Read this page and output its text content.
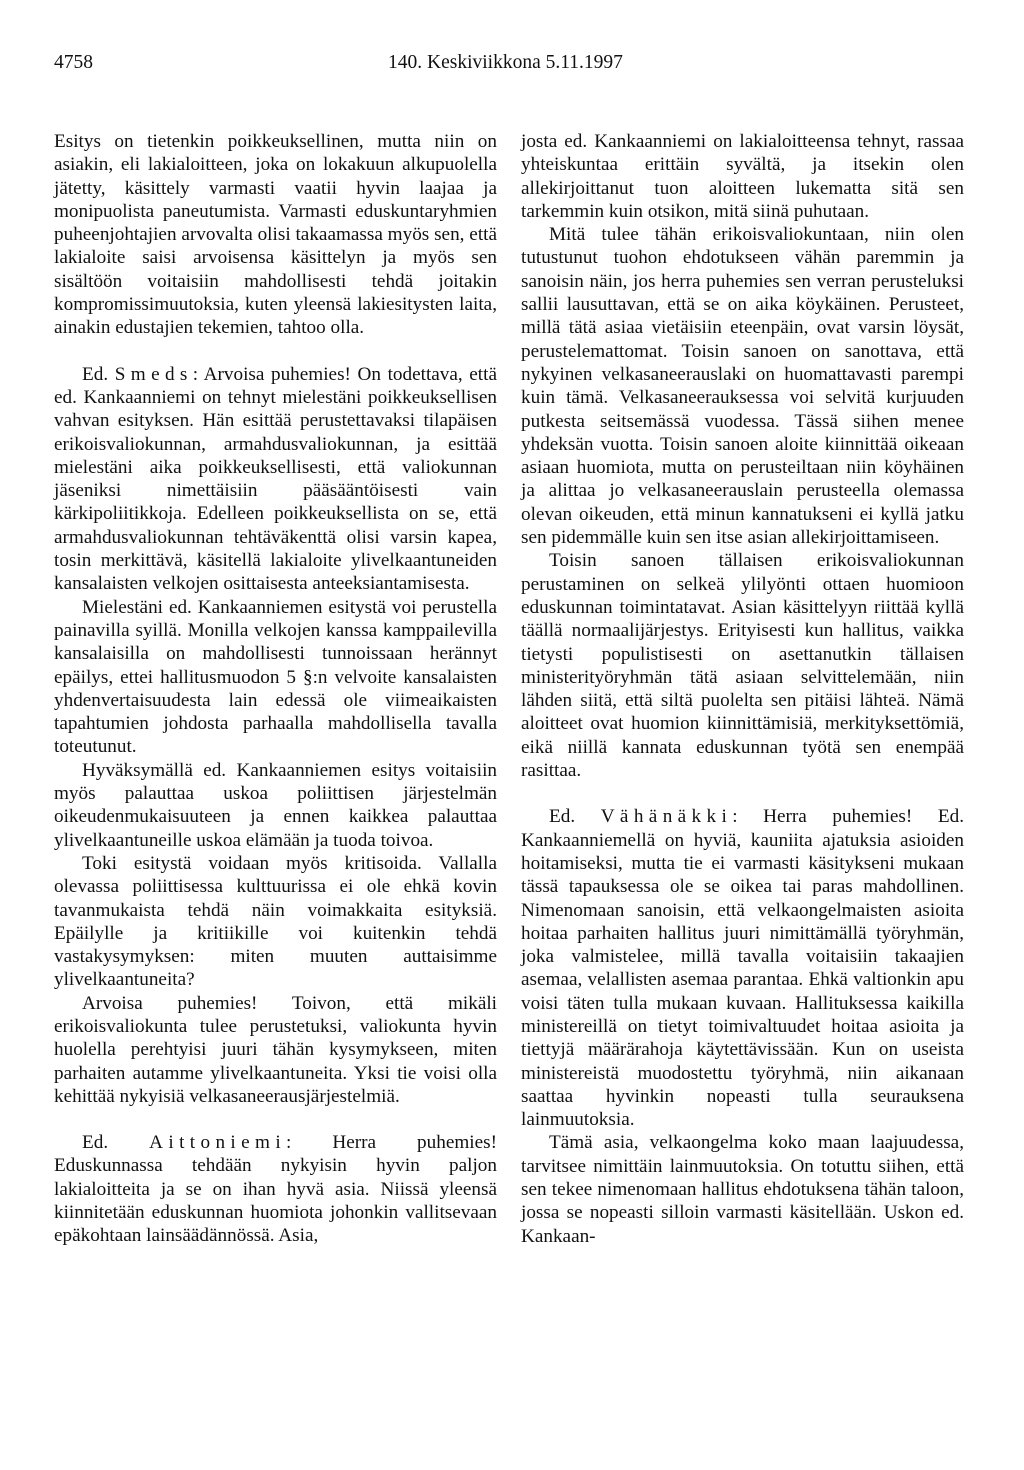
4758	140. Keskiviikkona 5.11.1997

Esitys on tietenkin poikkeuksellinen, mutta niin on asiakin, eli lakialoitteen, joka on lokakuun alkupuolella jätetty, käsittely varmasti vaatii hyvin laajaa ja monipuolista paneutumista. Varmasti eduskuntaryhmien puheenjohtajien arvovalta olisi takaamassa myös sen, että lakialoite saisi arvoisensa käsittelyn ja myös sen sisältöön voitaisiin mahdollisesti tehdä joitakin kompromissimuutoksia, kuten yleensä lakiesitysten laita, ainakin edustajien tekemien, tahtoo olla.

Ed. Smeds: Arvoisa puhemies! On todettava, että ed. Kankaanniemi on tehnyt mielestäni poikkeuksellisen vahvan esityksen. Hän esittää perustettavaksi tilapäisen erikoisvaliokunnan, armahdusvaliokunnan, ja esittää mielestäni aika poikkeuksellisesti, että valiokunnan jäseniksi nimettäisiin pääsääntöisesti vain kärkipoliitikkoja. Edelleen poikkeuksellista on se, että armahdusvaliokunnan tehtäväkenttä olisi varsin kapea, tosin merkittävä, käsitellä lakialoite ylivelkaantuneiden kansalaisten velkojen osittaisesta anteeksiantamisesta.

Mielestäni ed. Kankaanniemen esitystä voi perustella painavilla syillä. Monilla velkojen kanssa kamppailevilla kansalaisilla on mahdollisesti tunnoissaan herännyt epäilys, ettei hallitusmuodon 5 §:n velvoite kansalaisten yhdenvertaisuudesta lain edessä ole viimeaikaisten tapahtumien johdosta parhaalla mahdollisella tavalla toteutunut.

Hyväksymällä ed. Kankaanniemen esitys voitaisiin myös palauttaa uskoa poliittisen järjestelmän oikeudenmukaisuuteen ja ennen kaikkea palauttaa ylivelkaantuneille uskoa elämään ja tuoda toivoa.

Toki esitystä voidaan myös kritisoida. Vallalla olevassa poliittisessa kulttuurissa ei ole ehkä kovin tavanmukaista tehdä näin voimakkaita esityksiä. Epäilylle ja kritiikille voi kuitenkin tehdä vastakysymyksen: miten muuten auttaisimme ylivelkaantuneita?

Arvoisa puhemies! Toivon, että mikäli erikoisvaliokunta tulee perustetuksi, valiokunta hyvin huolella perehtyisi juuri tähän kysymykseen, miten parhaiten autamme ylivelkaantuneita. Yksi tie voisi olla kehittää nykyisiä velkasaneerausjärjestelmiä.

Ed. Aittoniemi: Herra puhemies! Eduskunnassa tehdään nykyisin hyvin paljon lakialoitteita ja se on ihan hyvä asia. Niissä yleensä kiinnitetään eduskunnan huomiota johonkin vallitsevaan epäkohtaan lainsäädännössä. Asia,

josta ed. Kankaanniemi on lakialoitteensa tehnyt, rassaa yhteiskuntaa erittäin syvältä, ja itsekin olen allekirjoittanut tuon aloitteen lukematta sitä sen tarkemmin kuin otsikon, mitä siinä puhutaan.

Mitä tulee tähän erikoisvaliokuntaan, niin olen tutustunut tuohon ehdotukseen vähän paremmin ja sanoisin näin, jos herra puhemies sen verran perusteluksi sallii lausuttavan, että se on aika köykäinen. Perusteet, millä tätä asiaa vietäisiin eteenpäin, ovat varsin löysät, perustelemattomat. Toisin sanoen on sanottava, että nykyinen velkasaneerauslaki on huomattavasti parempi kuin tämä. Velkasaneerauksessa voi selvitä kurjuuden putkesta seitsemässä vuodessa. Tässä siihen menee yhdeksän vuotta. Toisin sanoen aloite kiinnittää oikeaan asiaan huomiota, mutta on perusteiltaan niin köyhäinen ja alittaa jo velkasaneerauslain perusteella olemassa olevan oikeuden, että minun kannatukseni ei kyllä jatku sen pidemmälle kuin sen itse asian allekirjoittamiseen.

Toisin sanoen tällaisen erikoisvaliokunnan perustaminen on selkeä ylilyönti ottaen huomioon eduskunnan toimintatavat. Asian käsittelyyn riittää kyllä täällä normaalijärjestys. Erityisesti kun hallitus, vaikka tietysti populistisesti on asettanutkin tällaisen ministerityöryhmän tätä asiaan selvittelemään, niin lähden siitä, että siltä puolelta sen pitäisi lähteä. Nämä aloitteet ovat huomion kiinnittämisiä, merkityksettömiä, eikä niillä kannata eduskunnan työtä sen enempää rasittaa.

Ed. Vähänäkki: Herra puhemies! Ed. Kankaanniemellä on hyviä, kauniita ajatuksia asioiden hoitamiseksi, mutta tie ei varmasti käsitykseni mukaan tässä tapauksessa ole se oikea tai paras mahdollinen. Nimenomaan sanoisin, että velkaongelmaisten asioita hoitaa parhaiten hallitus juuri nimittämällä työryhmän, joka valmistelee, millä tavalla voitaisiin takaajien asemaa, velallisten asemaa parantaa. Ehkä valtionkin apu voisi täten tulla mukaan kuvaan. Hallituksessa kaikilla ministereillä on tietyt toimivaltuudet hoitaa asioita ja tiettyjä määrärahoja käytettävissään. Kun on useista ministereistä muodostettu työryhmä, niin aikanaan saattaa hyvinkin nopeasti tulla seurauksena lainmuutoksia.

Tämä asia, velkaongelma koko maan laajuudessa, tarvitsee nimittäin lainmuutoksia. On totuttu siihen, että sen tekee nimenomaan hallitus ehdotuksena tähän taloon, jossa se nopeasti silloin varmasti käsitellään. Uskon ed. Kankaan-
